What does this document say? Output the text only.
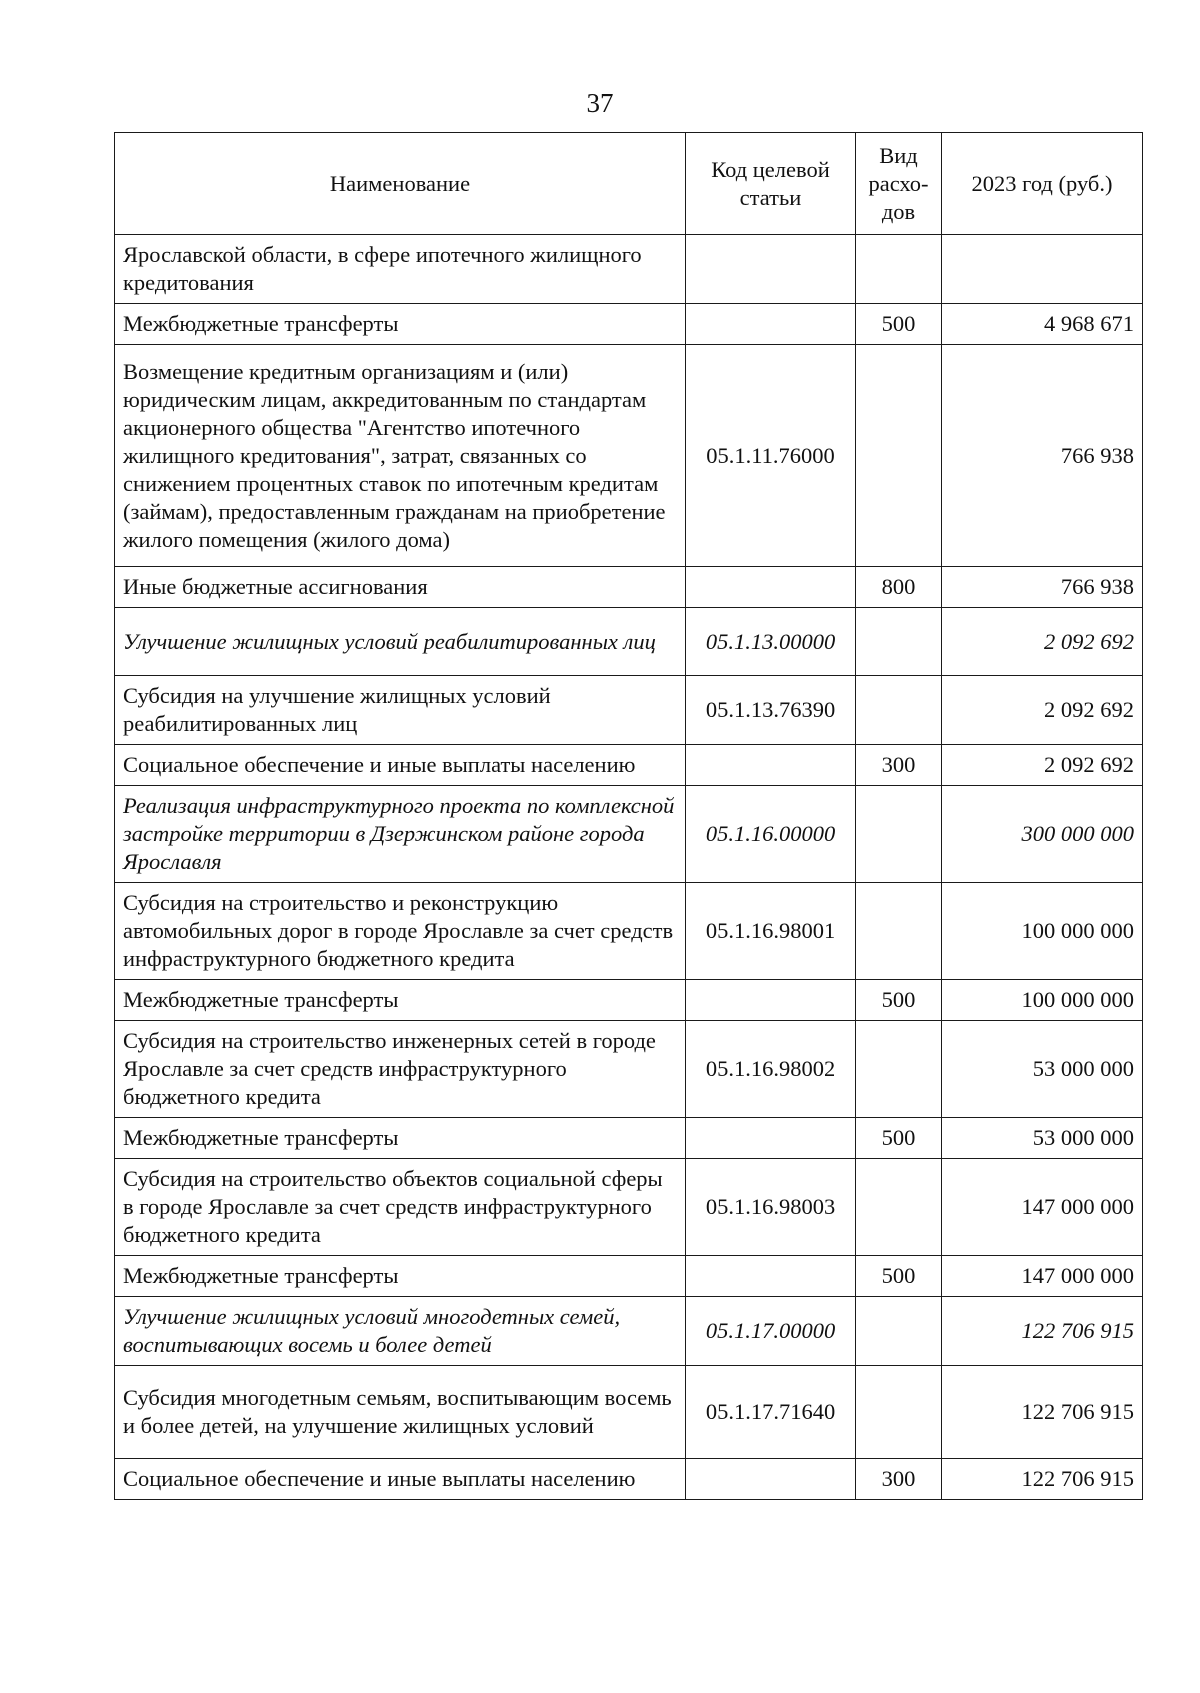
37
Наименование	Код целевой статьи	Вид расхо-дов	2023 год (руб.)
Ярославской области, в сфере ипотечного жилищного кредитования			
Межбюджетные трансферты		500	4 968 671
Возмещение кредитным организациям и (или) юридическим лицам, аккредитованным по стандартам акционерного общества "Агентство ипотечного жилищного кредитования", затрат, связанных со снижением процентных ставок по ипотечным кредитам (займам), предоставленным гражданам на приобретение жилого помещения (жилого дома)	05.1.11.76000		766 938
Иные бюджетные ассигнования		800	766 938
Улучшение жилищных условий реабилитированных лиц	05.1.13.00000		2 092 692
Субсидия на улучшение жилищных условий реабилитированных лиц	05.1.13.76390		2 092 692
Социальное обеспечение и иные выплаты населению		300	2 092 692
Реализация инфраструктурного проекта по комплексной застройке территории в Дзержинском районе города Ярославля	05.1.16.00000		300 000 000
Субсидия на строительство и реконструкцию автомобильных дорог в городе Ярославле за счет средств инфраструктурного бюджетного кредита	05.1.16.98001		100 000 000
Межбюджетные трансферты		500	100 000 000
Субсидия на строительство инженерных сетей в городе Ярославле за счет средств инфраструктурного бюджетного кредита	05.1.16.98002		53 000 000
Межбюджетные трансферты		500	53 000 000
Субсидия на строительство объектов социальной сферы в городе Ярославле за счет средств инфраструктурного бюджетного кредита	05.1.16.98003		147 000 000
Межбюджетные трансферты		500	147 000 000
Улучшение жилищных условий многодетных семей, воспитывающих восемь и более детей	05.1.17.00000		122 706 915
Субсидия многодетным семьям, воспитывающим восемь и более детей, на улучшение жилищных условий	05.1.17.71640		122 706 915
Социальное обеспечение и иные выплаты населению		300	122 706 915
